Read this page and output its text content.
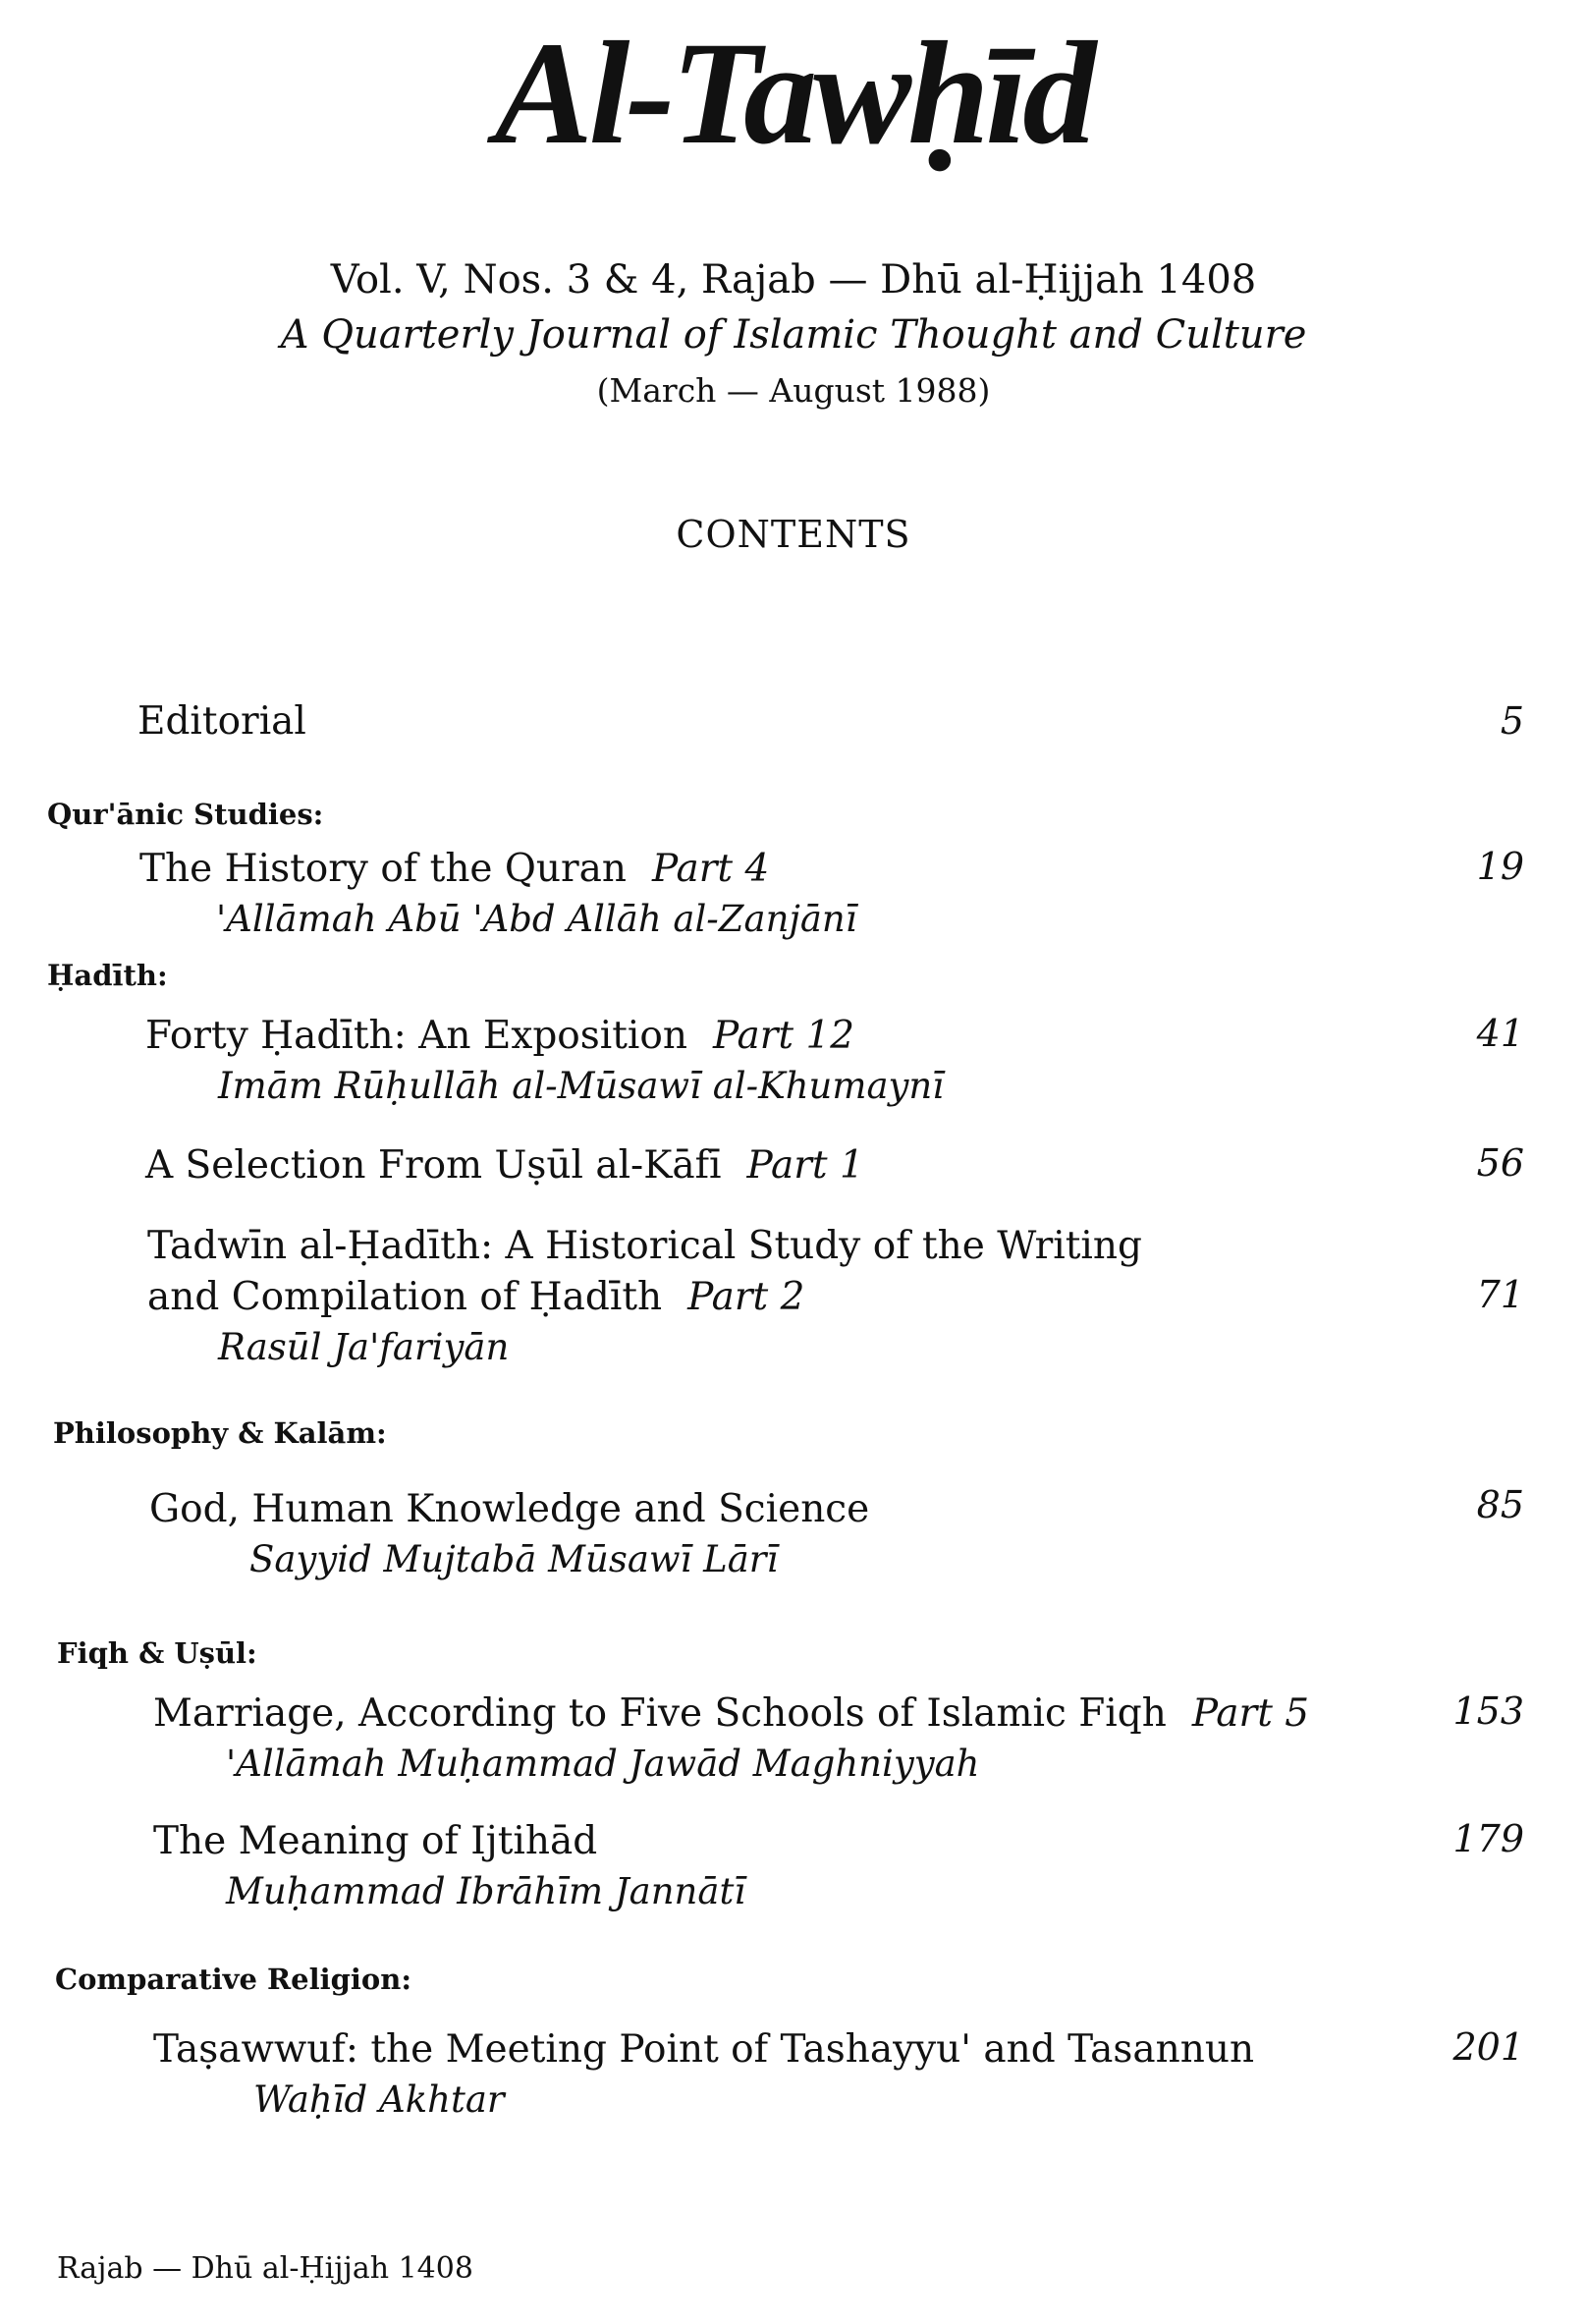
Al-Tawḥīd
Vol. V, Nos. 3 & 4, Rajab — Dhū al-Ḥijjah 1408
A Quarterly Journal of Islamic Thought and Culture
(March — August 1988)
CONTENTS
Editorial	5
Qur'ānic Studies:
The History of the Quran Part 4	19
'Allāmah Abū 'Abd Allāh al-Zanjānī
Ḥadīth:
Forty Ḥadīth: An Exposition Part 12	41
Imām Rūḥullāh al-Mūsawī al-Khumaynī
A Selection From Uṣūl al-Kāfī Part 1	56
Tadwīn al-Ḥadīth: A Historical Study of the Writing
and Compilation of Ḥadīth Part 2	71
Rasūl Ja'fariyān
Philosophy & Kalām:
God, Human Knowledge and Science	85
Sayyid Mujtabā Mūsawī Lārī
Fiqh & Uṣūl:
Marriage, According to Five Schools of Islamic Fiqh Part 5	153
'Allāmah Muḥammad Jawād Maghniyyah
The Meaning of Ijtihād	179
Muḥammad Ibrāhīm Jannātī
Comparative Religion:
Taṣawwuf: the Meeting Point of Tashayyu' and Tasannun	201
Waḥīd Akhtar
Rajab — Dhū al-Ḥijjah 1408
